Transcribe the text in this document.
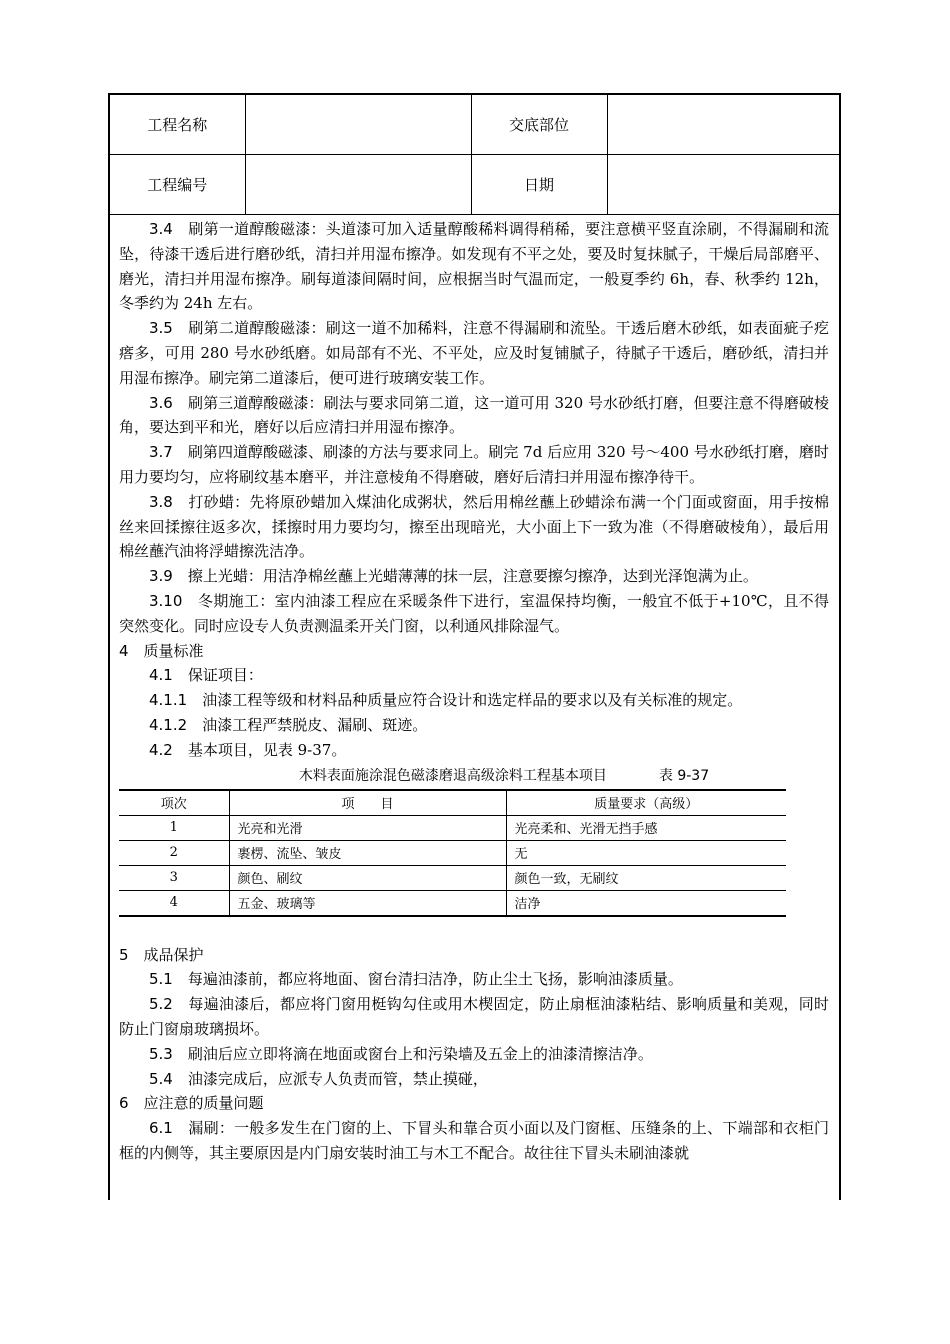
工程名称		交底部位	
工程编号		日期	

3.4　 刷第一道醇酸磁漆：头道漆可加入适量醇酸稀料调得稍稀，要注意横平竖直涂刷，不得漏刷和流坠，待漆干透后进行磨砂纸，清扫并用湿布擦净。如发现有不平之处，要及时复抹腻子，干燥后局部磨平、磨光，清扫并用湿布擦净。刷每道漆间隔时间，应根据当时气温而定，一般夏季约 6h，春、秋季约 12h，冬季约为 24h 左右。

3.5　 刷第二道醇酸磁漆：刷这一道不加稀料，注意不得漏刷和流坠。干透后磨木砂纸，如表面疵子疙瘩多，可用 280 号水砂纸磨。如局部有不光、不平处，应及时复铺腻子，待腻子干透后，磨砂纸，清扫并用湿布擦净。刷完第二道漆后，便可进行玻璃安装工作。

3.6　 刷第三道醇酸磁漆：刷法与要求同第二道，这一道可用 320 号水砂纸打磨，但要注意不得磨破棱角，要达到平和光，磨好以后应清扫并用湿布擦净。

3.7　 刷第四道醇酸磁漆、刷漆的方法与要求同上。刷完 7d 后应用 320 号～400 号水砂纸打磨，磨时用力要均匀，应将刷纹基本磨平，并注意棱角不得磨破，磨好后清扫并用湿布擦净待干。

3.8　 打砂蜡：先将原砂蜡加入煤油化成粥状，然后用棉丝蘸上砂蜡涂布满一个门面或窗面，用手按棉丝来回揉擦往返多次，揉擦时用力要均匀，擦至出现暗光，大小面上下一致为准（不得磨破棱角），最后用棉丝蘸汽油将浮蜡擦洗洁净。

3.9　 擦上光蜡：用洁净棉丝蘸上光蜡薄薄的抹一层，注意要擦匀擦净，达到光泽饱满为止。

3.10　 冬期施工：室内油漆工程应在采暖条件下进行，室温保持均衡，一般宜不低于+10℃，且不得突然变化。同时应设专人负责测温柔开关门窗，以利通风排除湿气。

4　质量标准

4.1　 保证项目：

4.1.1　 油漆工程等级和材料品种质量应符合设计和选定样品的要求以及有关标准的规定。

4.1.2　 油漆工程严禁脱皮、漏刷、斑迹。

4.2　 基本项目，见表 9-37。

木料表面施涂混色磁漆磨退高级涂料工程基本项目	表 9-37
项次	项　　目	质量要求（高级）
1	光亮和光滑	光亮柔和、光滑无挡手感
2	裹楞、流坠、皱皮	无
3	颜色、刷纹	颜色一致，无刷纹
4	五金、玻璃等	洁净

5　成品保护

5.1　 每遍油漆前，都应将地面、窗台清扫洁净，防止尘土飞扬，影响油漆质量。

5.2　 每遍油漆后，都应将门窗用梃钩勾住或用木楔固定，防止扇框油漆粘结、影响质量和美观，同时防止门窗扇玻璃损坏。

5.3　 刷油后应立即将滴在地面或窗台上和污染墙及五金上的油漆清擦洁净。

5.4　 油漆完成后，应派专人负责而管，禁止摸碰，

6　应注意的质量问题

6.1　 漏刷：一般多发生在门窗的上、下冒头和靠合页小面以及门窗框、压缝条的上、下端部和衣柜门框的内侧等，其主要原因是内门扇安装时油工与木工不配合。故往往下冒头未刷油漆就
